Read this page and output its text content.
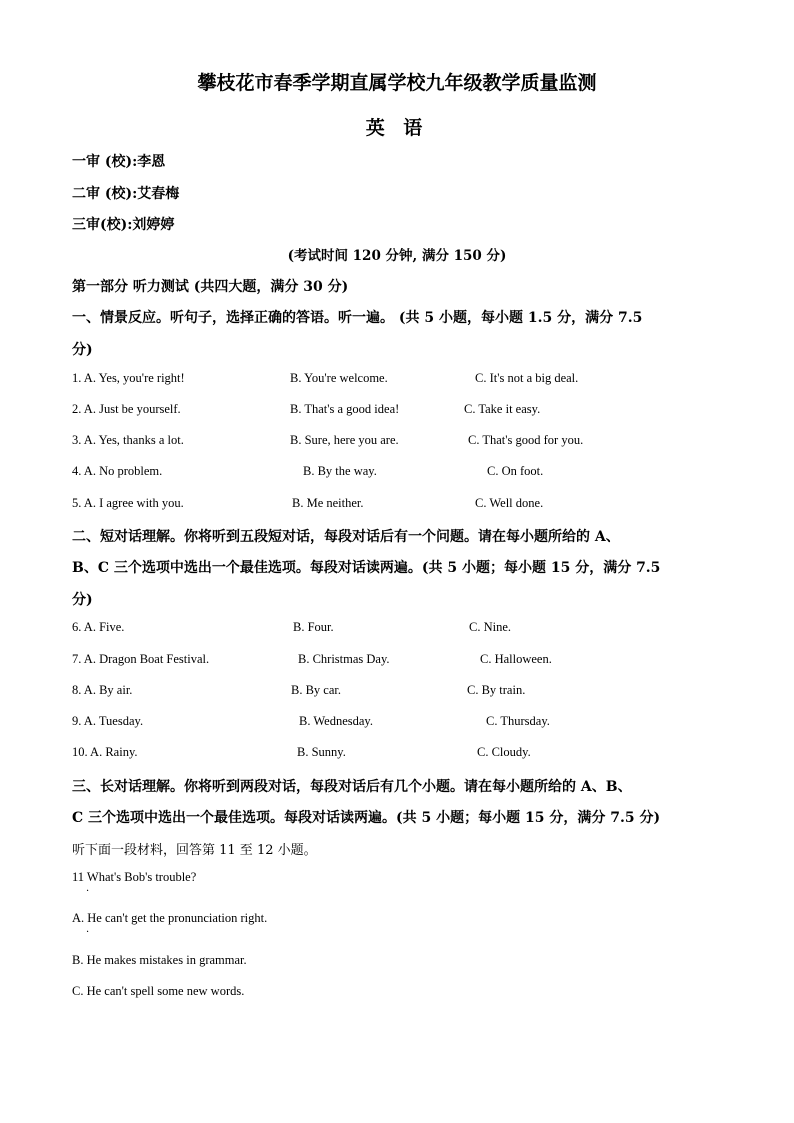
攀枝花市春季学期直属学校九年级教学质量监测
英 语
一审 (校):李恩
二审 (校):艾春梅
三审(校):刘婷婷
(考试时间 120 分钟, 满分 150 分)
第一部分 听力测试 (共四大题，满分 30 分)
一、情景反应。听句子，选择正确的答语。听一遍。 (共 5 小题，每小题 1.5 分，满分 7.5
分)
1. A. Yes, you're right!	B. You're welcome.	C. It's not a big deal.
2. A. Just be yourself.	B. That's a good idea!	C. Take it easy.
3. A. Yes, thanks a lot.	B. Sure, here you are.	C. That's good for you.
4. A. No problem.	B. By the way.	C. On foot.
5. A. I agree with you.	B. Me neither.	C. Well done.
二、短对话理解。你将听到五段短对话，每段对话后有一个问题。请在每小题所给的 A、
B、C 三个选项中选出一个最佳选项。每段对话读两遍。(共 5 小题；每小题 15 分，满分 7.5
分)
6. A. Five.	B. Four.	C. Nine.
7. A. Dragon Boat Festival.	B. Christmas Day.	C. Halloween.
8. A. By air.	B. By car.	C. By train.
9. A. Tuesday.	B. Wednesday.	C. Thursday.
10. A. Rainy.	B. Sunny.	C. Cloudy.
三、长对话理解。你将听到两段对话，每段对话后有几个小题。请在每小题所给的 A、B、
C 三个选项中选出一个最佳选项。每段对话读两遍。(共 5 小题；每小题 15 分，满分 7.5 分)
听下面一段材料，回答第 11 至 12 小题。
11 What's Bob's trouble?
·
A. He can't get the pronunciation right.
·
B. He makes mistakes in grammar.
C. He can't spell some new words.
